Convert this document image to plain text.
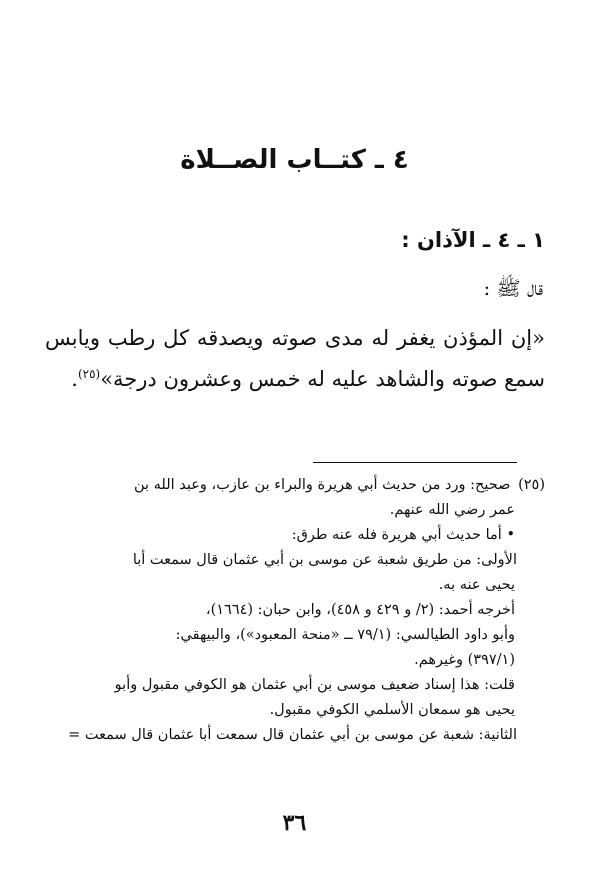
٤ ـ كتــاب الصــلاة
١ ـ ٤ ـ الآذان :

قال ﷺ :

«إن المؤذن يغفر له مدى صوته ويصدقه كل رطب ويابس سمع صوته والشاهد عليه له خمس وعشرون درجة»$^{(٢٥)}$.

(٢٥) صحيح: ورد من حديث أبي هريرة والبراء بن عازب، وعبد الله بن
عمر رضي الله عنهم.
• أما حديث أبي هريرة فله عنه طرق:
الأولى: من طريق شعبة عن موسى بن أبي عثمان قال سمعت أبا
يحيى عنه به.
أخرجه أحمد: (٢/ و ٤٢٩ و ٤٥٨)، وابن حبان: (١٦٦٤)،
وأبو داود الطيالسي: (٧٩/١ ــ «منحة المعبود»)، والبيهقي:
(٣٩٧/١) وغيرهم.
قلت: هذا إسناد ضعيف موسى بن أبي عثمان هو الكوفي مقبول وأبو
يحيى هو سمعان الأسلمي الكوفي مقبول.
الثانية: شعبة عن موسى بن أبي عثمان قال سمعت أبا عثمان قال سمعت =

٣٦
